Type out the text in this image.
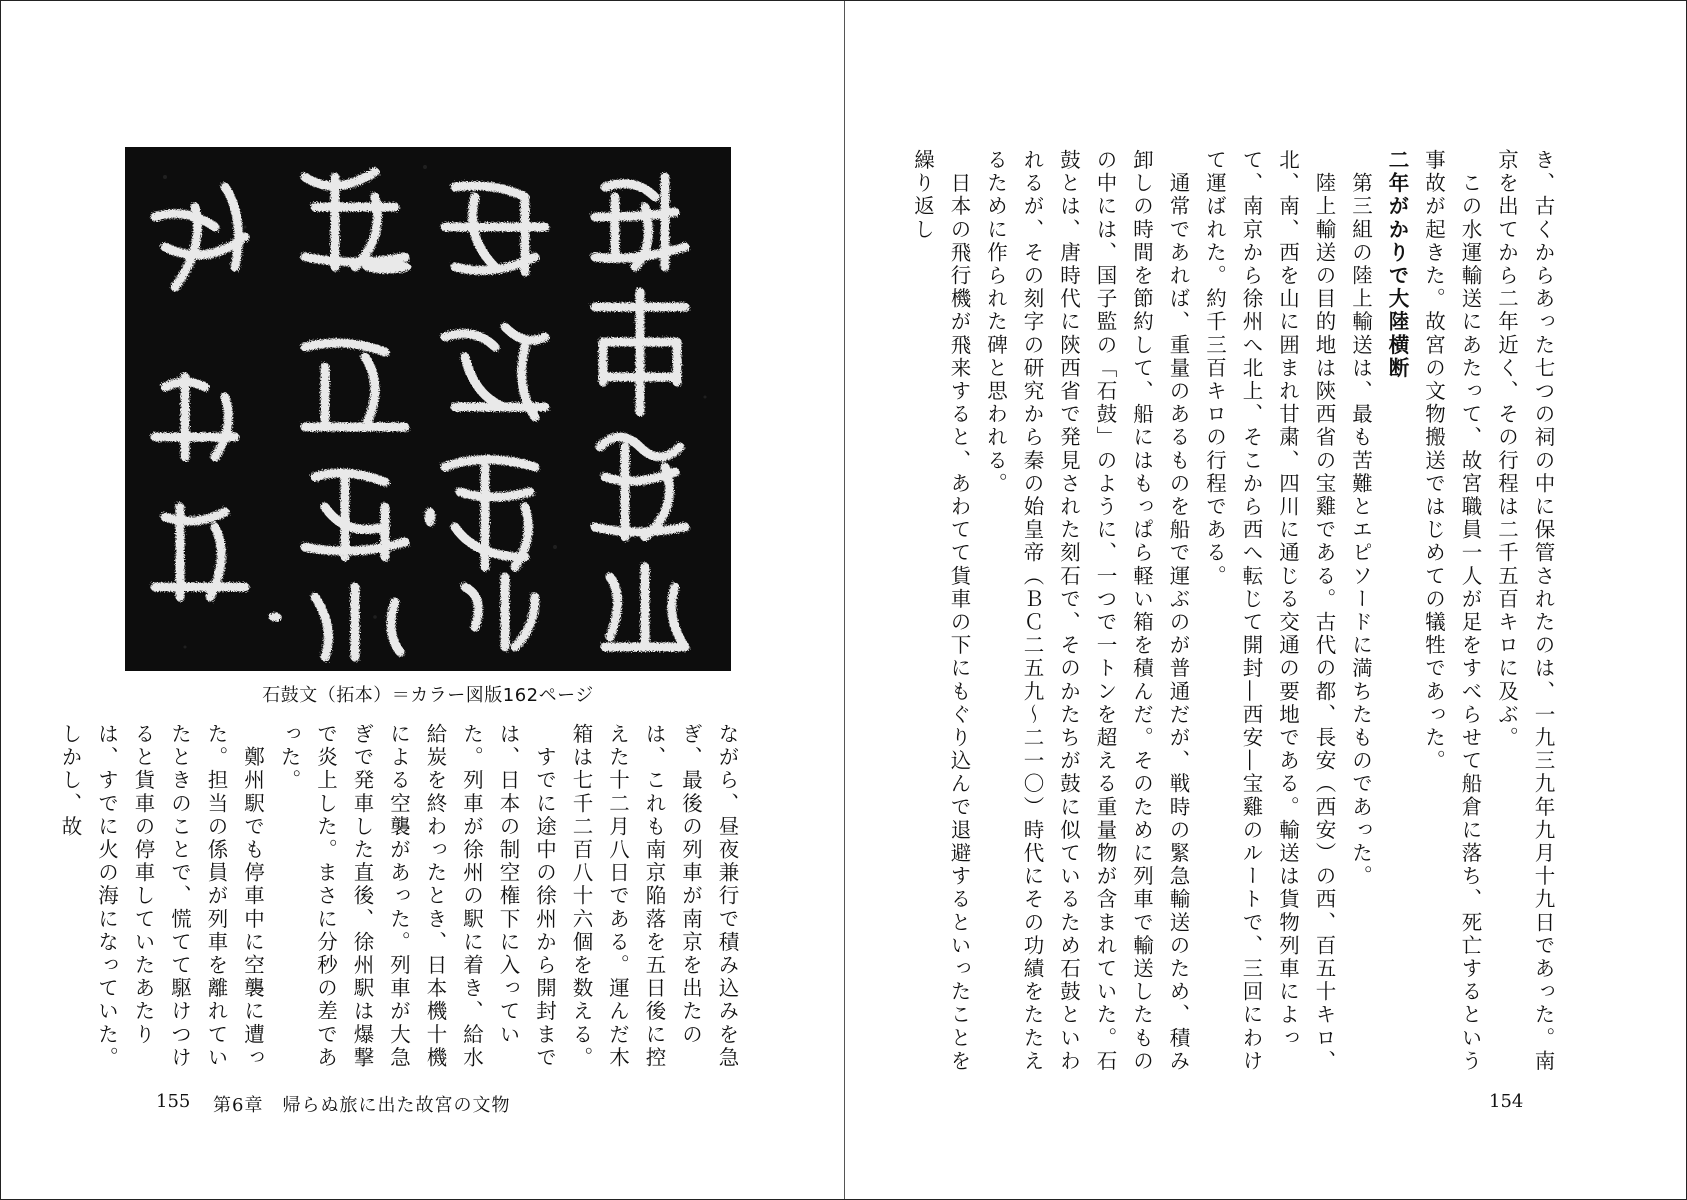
石鼓文（拓本）＝カラー図版162ページ
ながら、昼夜兼行で積み込みを急ぎ、最後の列車が南京を出たのは、これも南京陥落を五日後に控えた十二月八日である。運んだ木箱は七千二百八十六個を数える。
　すでに途中の徐州から開封までは、日本の制空権下に入っていた。列車が徐州の駅に着き、給水給炭を終わったとき、日本機十機による空襲があった。列車が大急ぎで発車した直後、徐州駅は爆撃で炎上した。まさに分秒の差であった。
　鄭州駅でも停車中に空襲に遭った。担当の係員が列車を離れていたときのことで、慌てて駆けつけると貨車の停車していたあたりは、すでに火の海になっていた。しかし、故
155 第6章　帰らぬ旅に出た故宮の文物
き、古くからあった七つの祠の中に保管されたのは、一九三九年九月十九日であった。南京を出てから二年近く、その行程は二千五百キロに及ぶ。
　この水運輸送にあたって、故宮職員一人が足をすべらせて船倉に落ち、死亡するという事故が起きた。故宮の文物搬送ではじめての犠牲であった。
二年がかりで大陸横断
　第三組の陸上輸送は、最も苦難とエピソードに満ちたものであった。
　陸上輸送の目的地は陝西省の宝雞である。古代の都、長安（西安）の西、百五十キロ、北、南、西を山に囲まれ甘粛、四川に通じる交通の要地である。輸送は貨物列車によって、南京から徐州へ北上、そこから西へ転じて開封―西安―宝雞のルートで、三回にわけて運ばれた。約千三百キロの行程である。
　通常であれば、重量のあるものを船で運ぶのが普通だが、戦時の緊急輸送のため、積み卸しの時間を節約して、船にはもっぱら軽い箱を積んだ。そのために列車で輸送したものの中には、国子監の「石鼓」のように、一つで一トンを超える重量物が含まれていた。石鼓とは、唐時代に陝西省で発見された刻石で、そのかたちが鼓に似ているため石鼓といわれるが、その刻字の研究から秦の始皇帝（ＢＣ二五九〜二一〇）時代にその功績をたたえるために作られた碑と思われる。
　日本の飛行機が飛来すると、あわてて貨車の下にもぐり込んで退避するといったことを繰り返し
154
